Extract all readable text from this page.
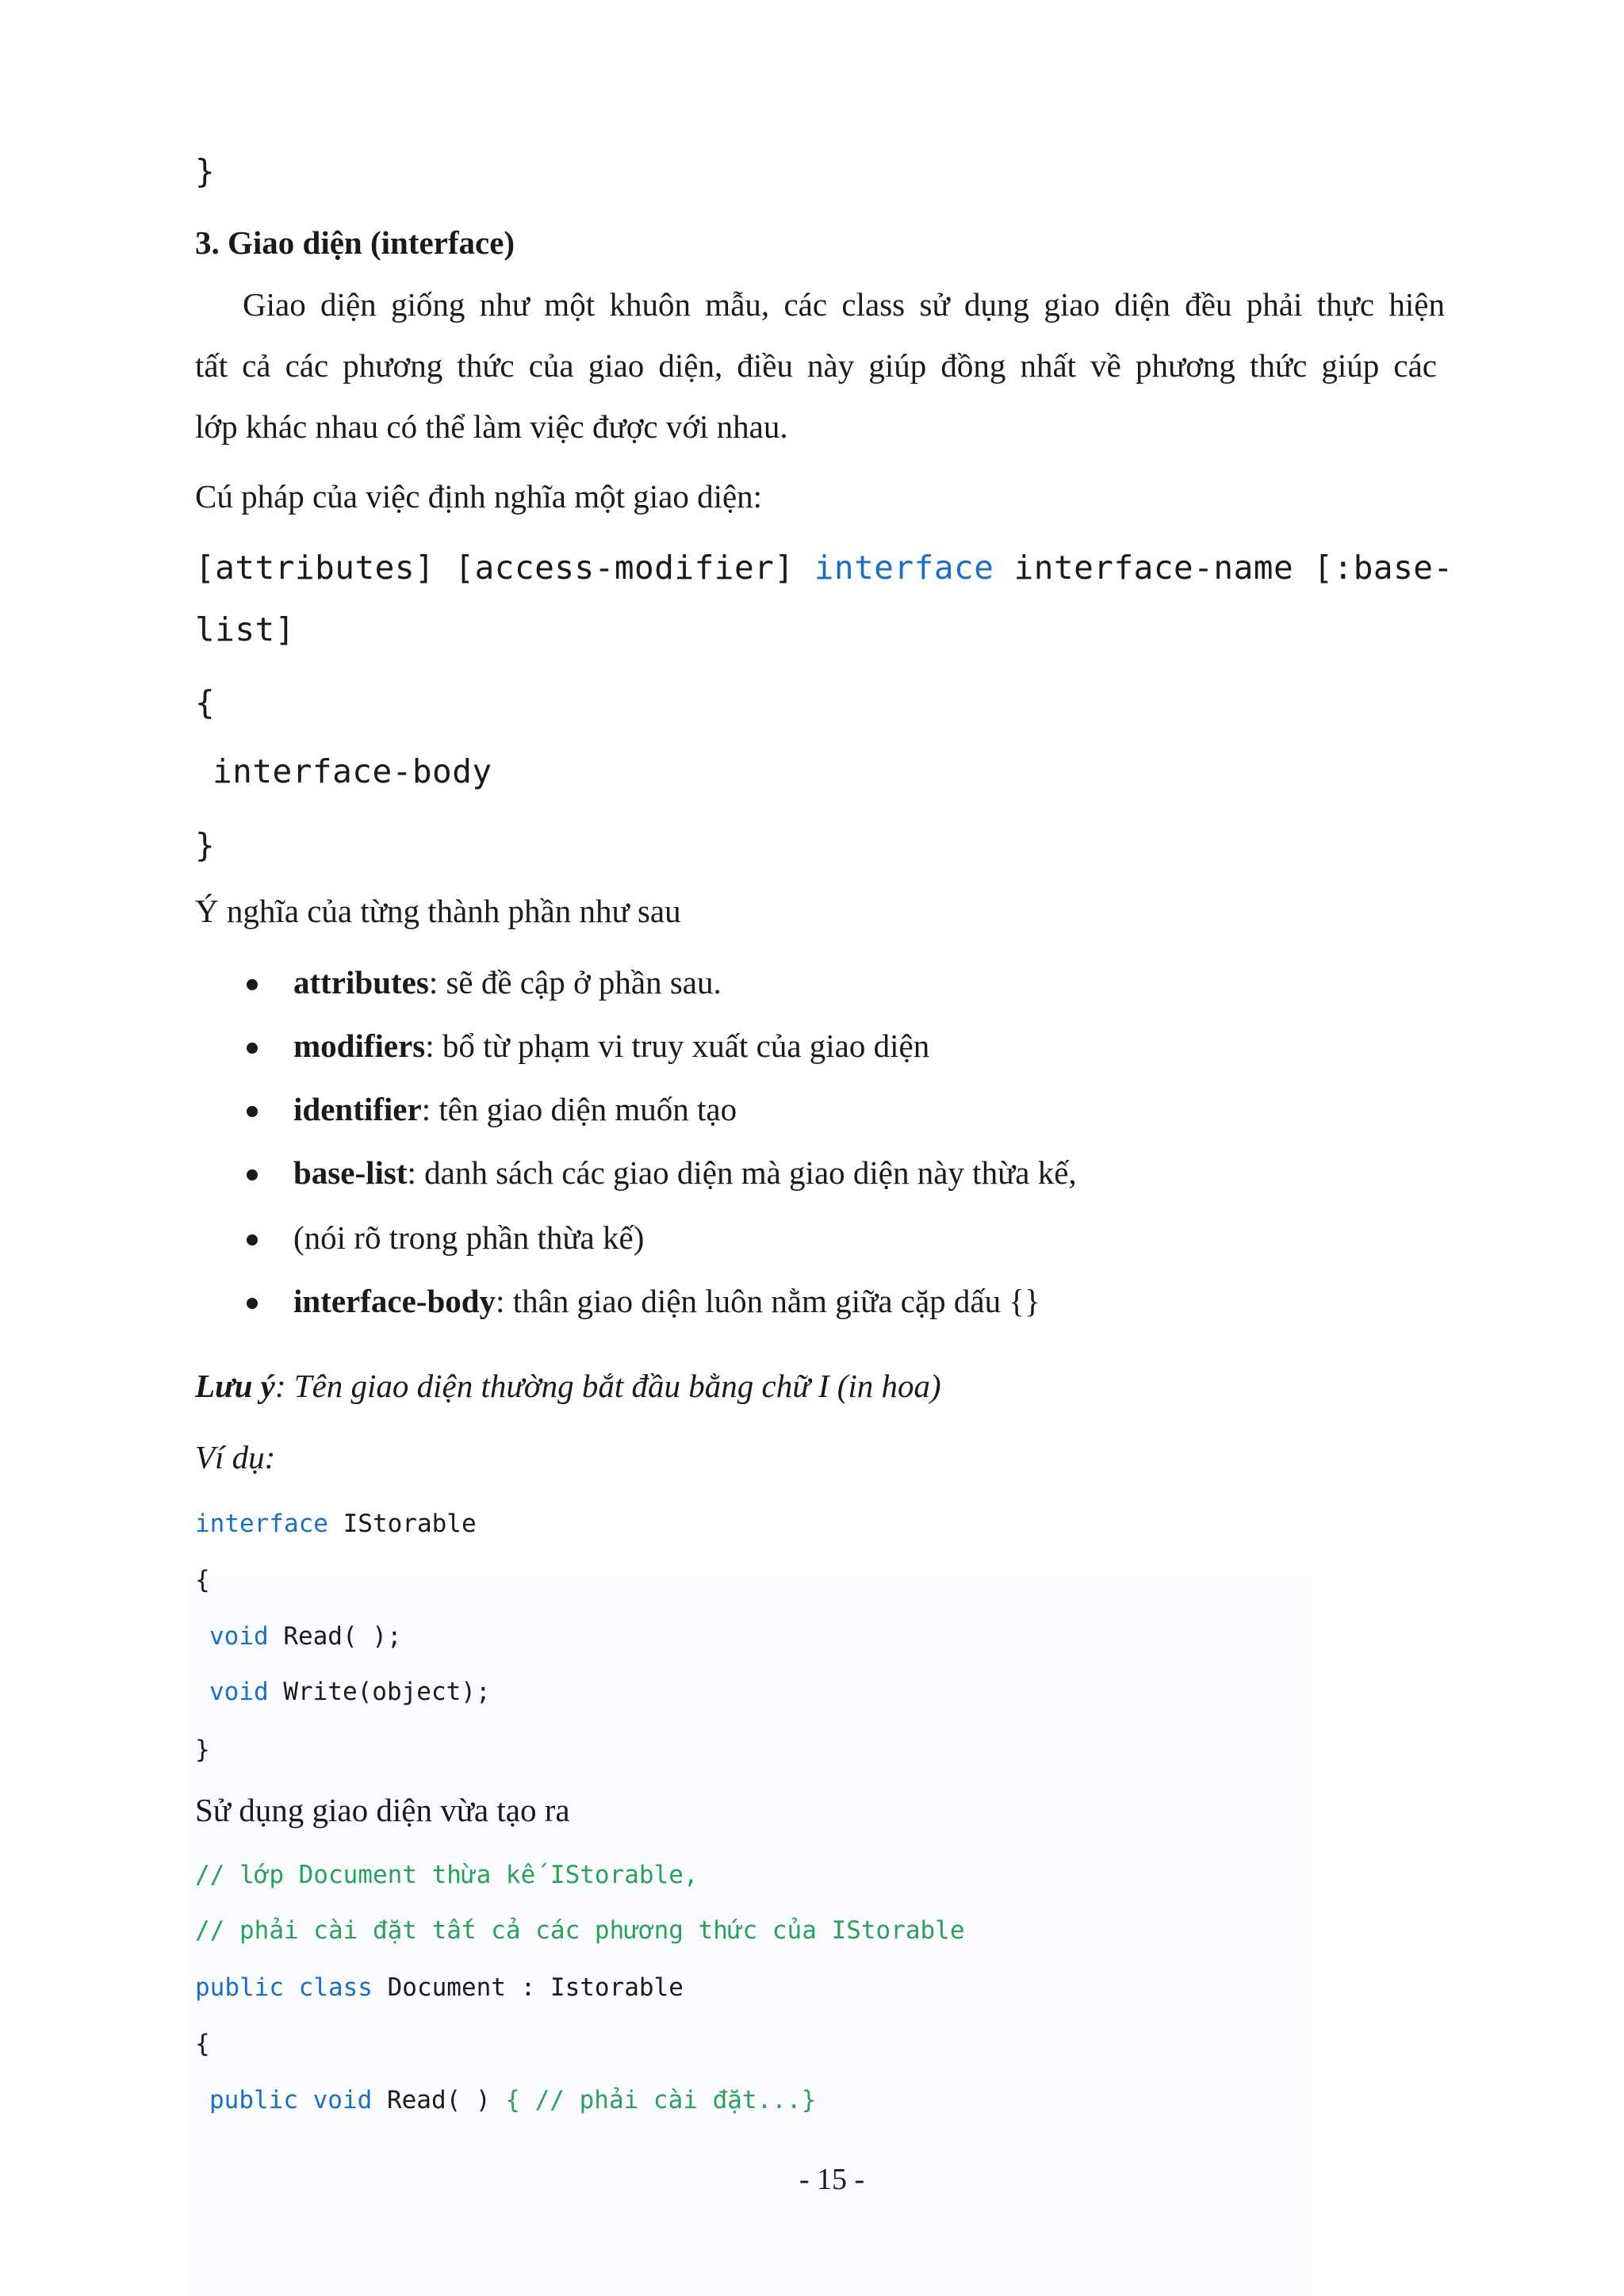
}
3. Giao diện (interface)
Giao diện giống như một khuôn mẫu, các class sử dụng giao diện đều phải thực hiện
tất cả các phương thức của giao diện, điều này giúp đồng nhất về phương thức giúp các
lớp khác nhau có thể làm việc được với nhau.
Cú pháp của việc định nghĩa một giao diện:
[attributes] [access-modifier] interface interface-name [:base-
list]
{
interface-body
}
Ý nghĩa của từng thành phần như sau
attributes: sẽ đề cập ở phần sau.
modifiers: bổ từ phạm vi truy xuất của giao diện
identifier: tên giao diện muốn tạo
base-list: danh sách các giao diện mà giao diện này thừa kế,
(nói rõ trong phần thừa kế)
interface-body: thân giao diện luôn nằm giữa cặp dấu {}
Lưu ý: Tên giao diện thường bắt đầu bằng chữ I (in hoa)
Ví dụ:
interface IStorable
{
void Read( );
void Write(object);
}
Sử dụng giao diện vừa tạo ra
// lớp Document thừa kế IStorable,
// phải cài đặt tất cả các phương thức của IStorable
public class Document : Istorable
{
public void Read( ) { // phải cài đặt...}
- 15 -
